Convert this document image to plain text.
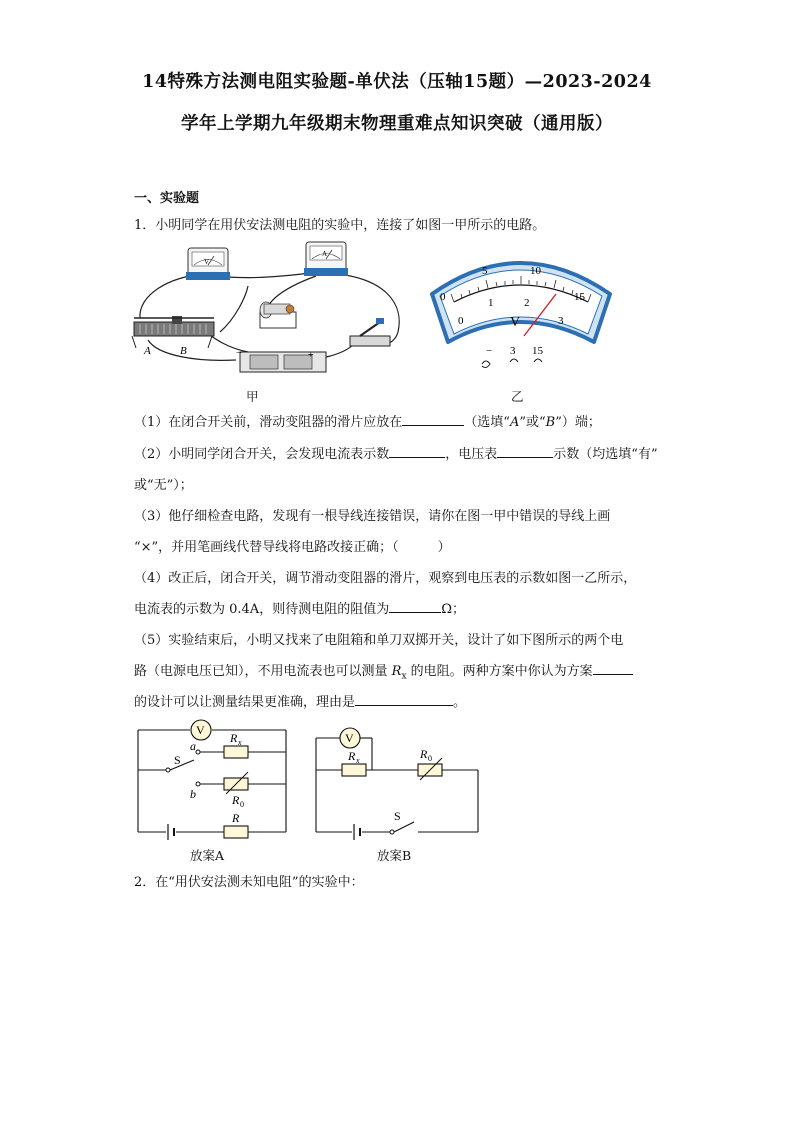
14特殊方法测电阻实验题-单伏法（压轴15题）—2023-2024
学年上学期九年级期末物理重难点知识突破（通用版）
一、实验题
1．小明同学在用伏安法测电阻的实验中，连接了如图一甲所示的电路。
V
A
A	B	−	+
甲
0
5	10
15
0
1	2
3
V
− 3 15
乙
（1）在闭合开关前，滑动变阻器的滑片应放在	（选填“A”或“B”）端；
（2）小明同学闭合开关，会发现电流表示数	，电压表	示数（均选填“有”
或“无”）；
（3）他仔细检查电路，发现有一根导线连接错误，请你在图一甲中错误的导线上画
“×”，并用笔画线代替导线将电路改接正确；（　　　）
（4）改正后，闭合开关，调节滑动变阻器的滑片，观察到电压表的示数如图一乙所示，
电流表的示数为 0.4A，则待测电阻的阻值为	Ω；
（5）实验结束后，小明又找来了电阻箱和单刀双掷开关，设计了如下图所示的两个电
路（电源电压已知），不用电流表也可以测量 $R_x$ 的电阻。两种方案中你认为方案
的设计可以让测量结果更准确，理由是	。
V
S
a
b
R x
R 0
R
放案A
V
R x	R 0
S
放案B
2．在“用伏安法测未知电阻”的实验中：
